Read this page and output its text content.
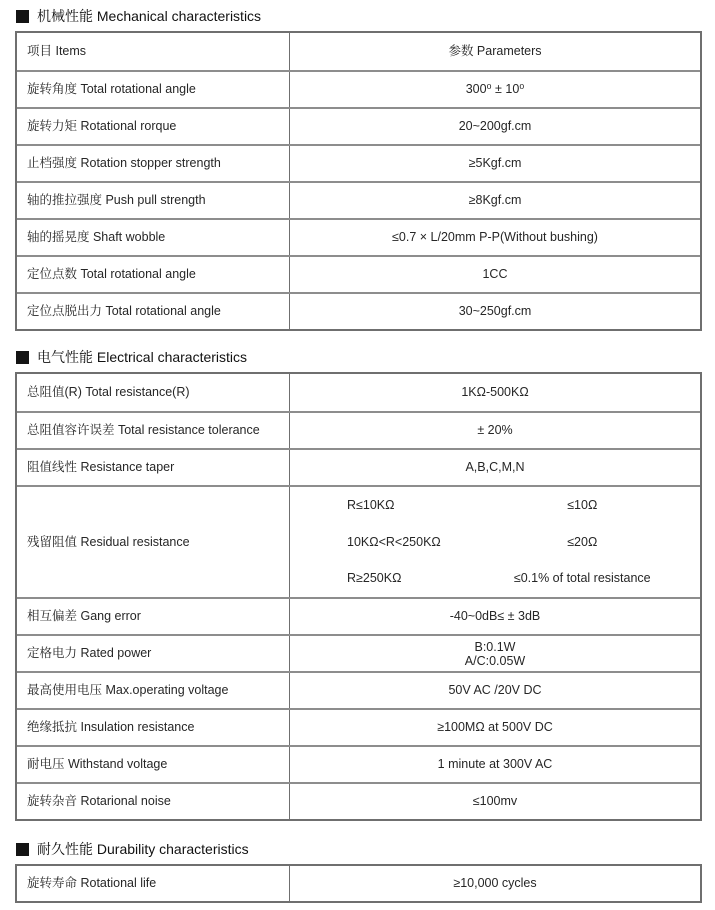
机械性能 Mechanical characteristics
项目 Items	参数 Parameters
旋转角度 Total rotational angle	300⁰ ± 10⁰
旋转力矩 Rotational rorque	20~200gf.cm
止档强度 Rotation stopper strength	≥5Kgf.cm
轴的推拉强度 Push pull strength	≥8Kgf.cm
轴的摇晃度 Shaft wobble	≤0.7 × L/20mm P-P(Without bushing)
定位点数 Total rotational angle	1CC
定位点脱出力 Total rotational angle	30~250gf.cm
电气性能 Electrical characteristics
总阻值(R) Total resistance(R)	1KΩ-500KΩ
总阻值容许误差 Total resistance tolerance	± 20%
阻值线性 Resistance taper	A,B,C,M,N
残留阻值 Residual resistance
R≤10KΩ	≤10Ω
10KΩ<R<250KΩ	≤20Ω
R≥250KΩ	≤0.1% of total resistance
相互偏差 Gang error	-40~0dB≤ ± 3dB
定格电力 Rated power	B:0.1W
A/C:0.05W
最高使用电压 Max.operating voltage	50V AC /20V DC
绝缘抵抗 Insulation resistance	≥100MΩ at 500V DC
耐电压 Withstand voltage	1 minute at 300V AC
旋转杂音 Rotarional noise	≤100mv
耐久性能 Durability characteristics
旋转寿命 Rotational life	≥10,000 cycles
